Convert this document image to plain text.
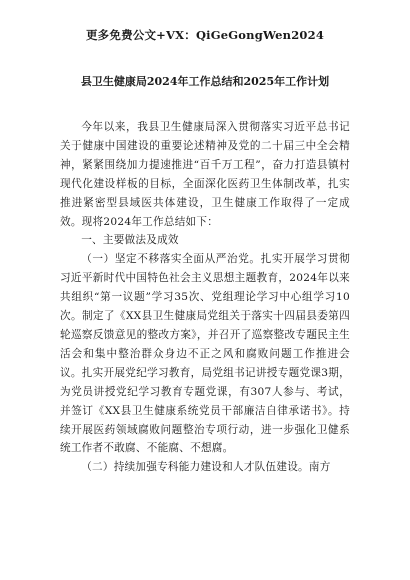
更多免费公文+VX：QiGeGongWen2024
县卫生健康局2024年工作总结和2025年工作计划

今年以来，我县卫生健康局深入贯彻落实习近平总书记关于健康中国建设的重要论述精神及党的二十届三中全会精神，紧紧围绕加力提速推进“百千万工程”，奋力打造县镇村现代化建设样板的目标，全面深化医药卫生体制改革，扎实推进紧密型县域医共体建设，卫生健康工作取得了一定成效。现将2024年工作总结如下：

一、主要做法及成效

（一）坚定不移落实全面从严治党。扎实开展学习贯彻习近平新时代中国特色社会主义思想主题教育，2024年以来共组织“第一议题”学习35次、党组理论学习中心组学习10次。制定了《XX县卫生健康局党组关于落实十四届县委第四轮巡察反馈意见的整改方案》，并召开了巡察整改专题民主生活会和集中整治群众身边不正之风和腐败问题工作推进会议。扎实开展党纪学习教育，局党组书记讲授专题党课3期，为党员讲授党纪学习教育专题党课，有307人参与、考试，并签订《XX县卫生健康系统党员干部廉洁自律承诺书》。持续开展医药领域腐败问题整治专项行动，进一步强化卫健系统工作者不敢腐、不能腐、不想腐。

（二）持续加强专科能力建设和人才队伍建设。南方
